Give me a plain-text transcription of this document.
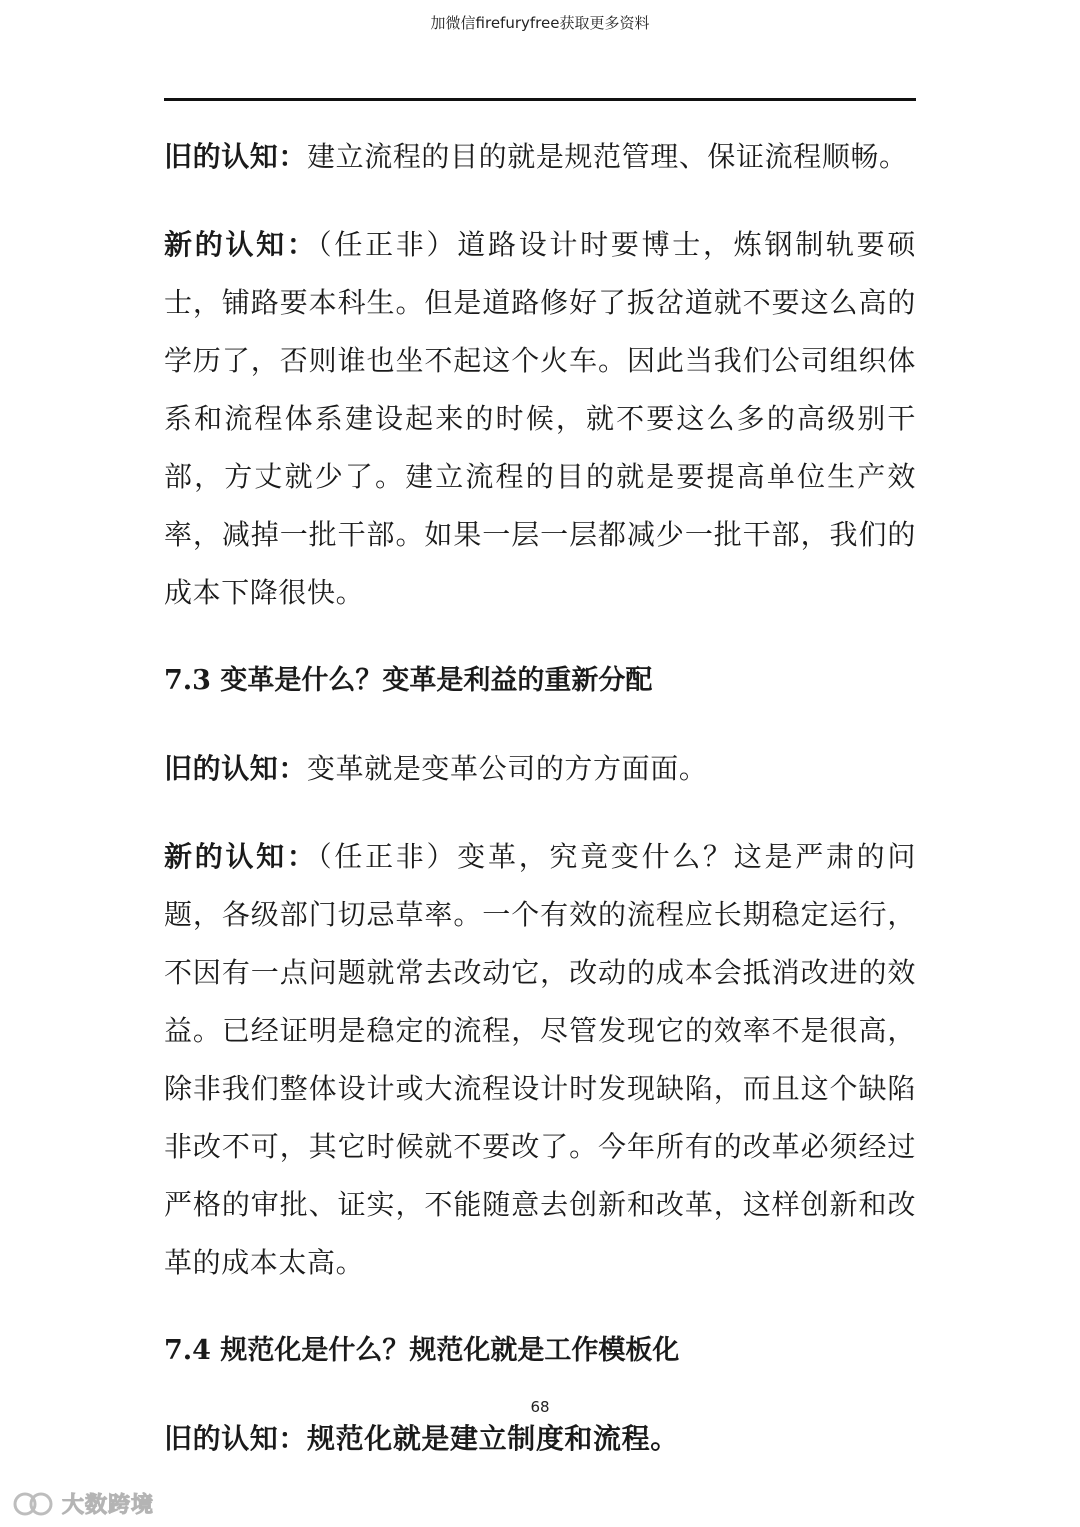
加微信firefuryfree获取更多资料

旧的认知：建立流程的目的就是规范管理、保证流程顺畅。

新的认知：（任正非）道路设计时要博士，炼钢制轨要硕士，铺路要本科生。但是道路修好了扳岔道就不要这么高的学历了，否则谁也坐不起这个火车。因此当我们公司组织体系和流程体系建设起来的时候，就不要这么多的高级别干部，方丈就少了。建立流程的目的就是要提高单位生产效率，减掉一批干部。如果一层一层都减少一批干部，我们的成本下降很快。

7.3 变革是什么？变革是利益的重新分配

旧的认知：变革就是变革公司的方方面面。

新的认知：（任正非）变革，究竟变什么？这是严肃的问题，各级部门切忌草率。一个有效的流程应长期稳定运行，不因有一点问题就常去改动它，改动的成本会抵消改进的效益。已经证明是稳定的流程，尽管发现它的效率不是很高，除非我们整体设计或大流程设计时发现缺陷，而且这个缺陷非改不可，其它时候就不要改了。今年所有的改革必须经过严格的审批、证实，不能随意去创新和改革，这样创新和改革的成本太高。

7.4 规范化是什么？规范化就是工作模板化

旧的认知：规范化就是建立制度和流程。

68
大数跨境
